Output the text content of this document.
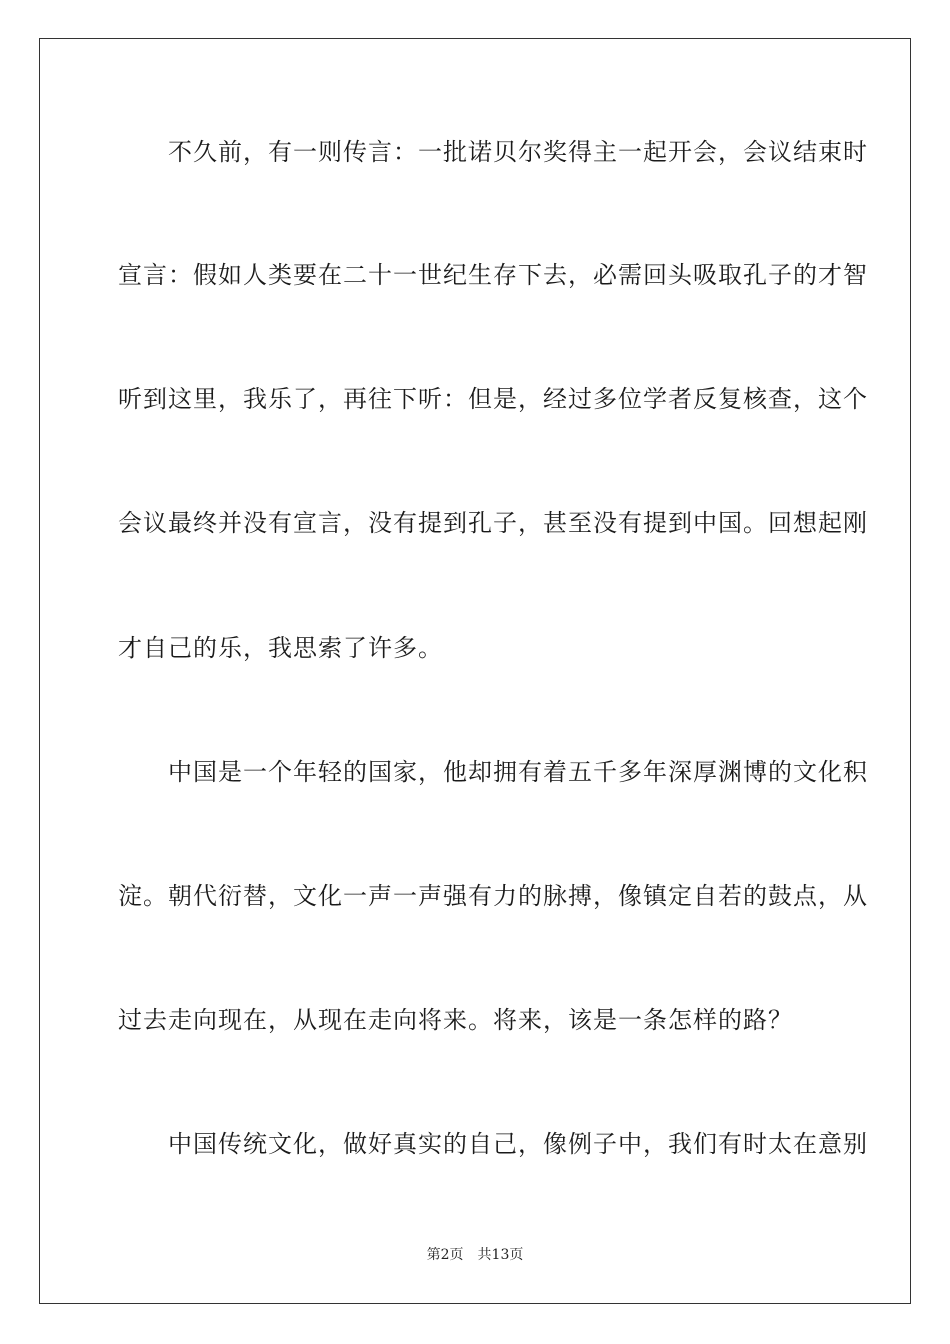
　　不久前，有一则传言：一批诺贝尔奖得主一起开会，会议结束时
宣言：假如人类要在二十一世纪生存下去，必需回头吸取孔子的才智
听到这里，我乐了，再往下听：但是，经过多位学者反复核查，这个
会议最终并没有宣言，没有提到孔子，甚至没有提到中国。回想起刚
才自己的乐，我思索了许多。
　　中国是一个年轻的国家，他却拥有着五千多年深厚渊博的文化积
淀。朝代衍替，文化一声一声强有力的脉搏，像镇定自若的鼓点，从
过去走向现在，从现在走向将来。将来，该是一条怎样的路？
　　中国传统文化，做好真实的自己，像例子中，我们有时太在意别
第2页 共13页
